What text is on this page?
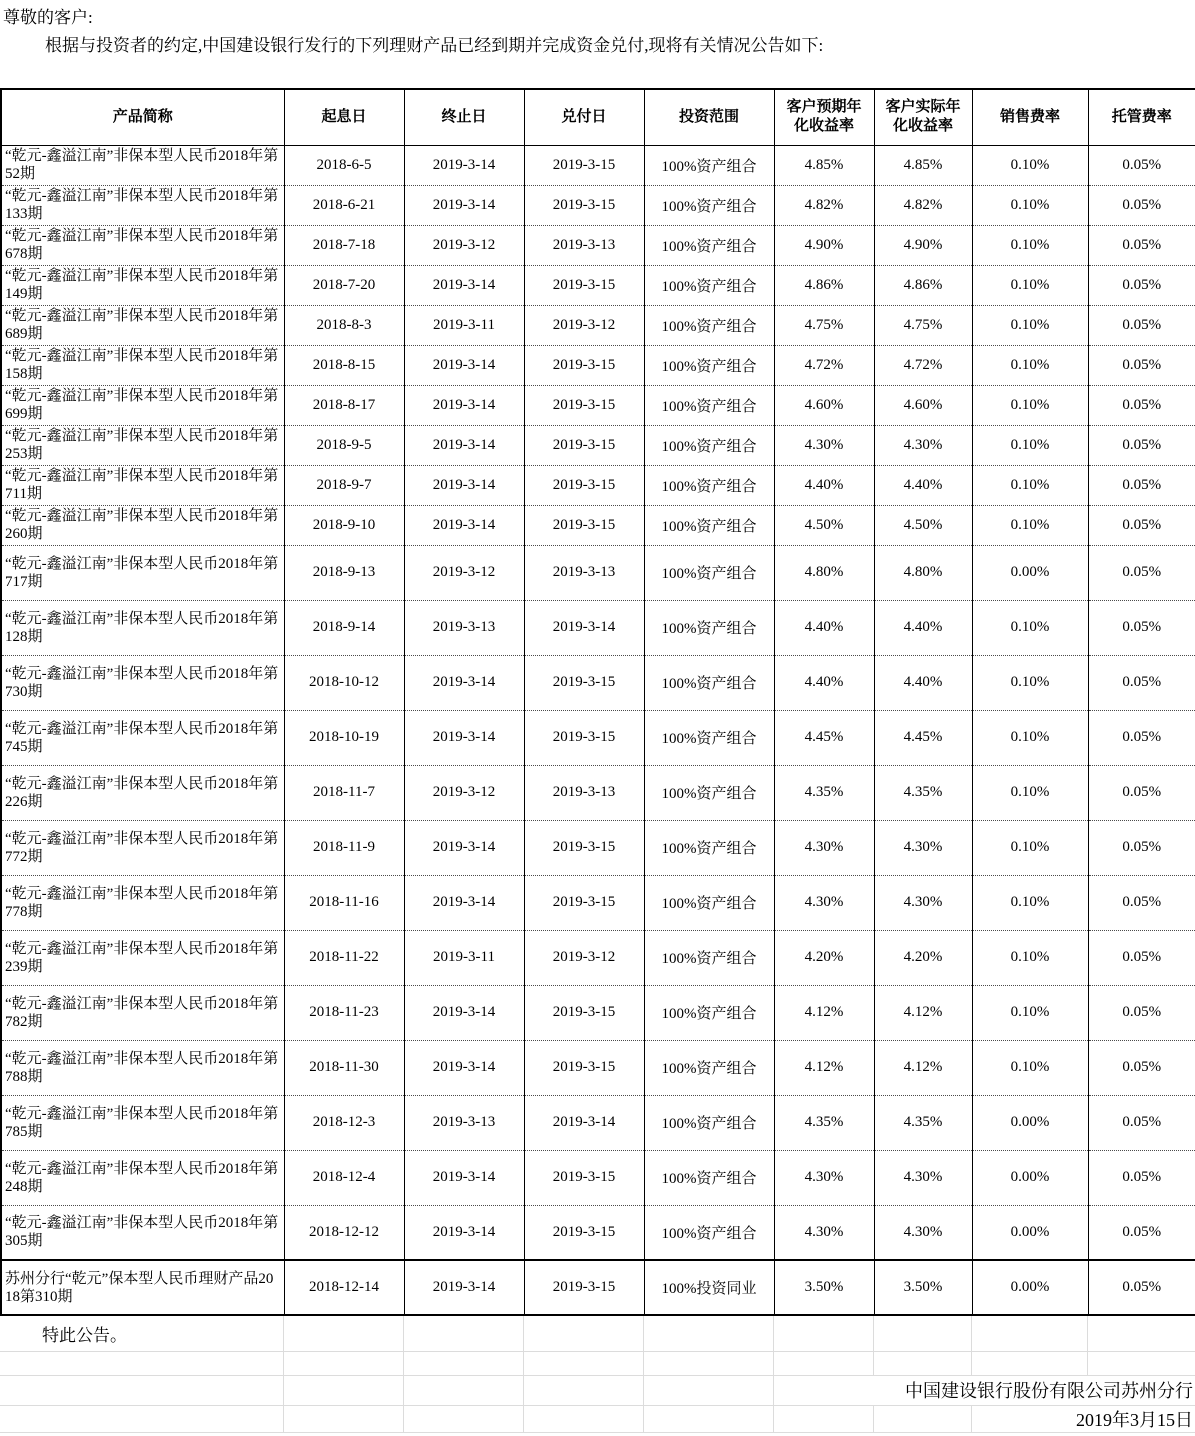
尊敬的客户:
根据与投资者的约定,中国建设银行发行的下列理财产品已经到期并完成资金兑付,现将有关情况公告如下:
产品简称	起息日	终止日	兑付日	投资范围	客户预期年化收益率	客户实际年化收益率	销售费率	托管费率
“乾元-鑫溢江南”非保本型人民币2018年第52期	2018-6-5	2019-3-14	2019-3-15	100%资产组合	4.85%	4.85%	0.10%	0.05%
“乾元-鑫溢江南”非保本型人民币2018年第133期	2018-6-21	2019-3-14	2019-3-15	100%资产组合	4.82%	4.82%	0.10%	0.05%
“乾元-鑫溢江南”非保本型人民币2018年第678期	2018-7-18	2019-3-12	2019-3-13	100%资产组合	4.90%	4.90%	0.10%	0.05%
“乾元-鑫溢江南”非保本型人民币2018年第149期	2018-7-20	2019-3-14	2019-3-15	100%资产组合	4.86%	4.86%	0.10%	0.05%
“乾元-鑫溢江南”非保本型人民币2018年第689期	2018-8-3	2019-3-11	2019-3-12	100%资产组合	4.75%	4.75%	0.10%	0.05%
“乾元-鑫溢江南”非保本型人民币2018年第158期	2018-8-15	2019-3-14	2019-3-15	100%资产组合	4.72%	4.72%	0.10%	0.05%
“乾元-鑫溢江南”非保本型人民币2018年第699期	2018-8-17	2019-3-14	2019-3-15	100%资产组合	4.60%	4.60%	0.10%	0.05%
“乾元-鑫溢江南”非保本型人民币2018年第253期	2018-9-5	2019-3-14	2019-3-15	100%资产组合	4.30%	4.30%	0.10%	0.05%
“乾元-鑫溢江南”非保本型人民币2018年第711期	2018-9-7	2019-3-14	2019-3-15	100%资产组合	4.40%	4.40%	0.10%	0.05%
“乾元-鑫溢江南”非保本型人民币2018年第260期	2018-9-10	2019-3-14	2019-3-15	100%资产组合	4.50%	4.50%	0.10%	0.05%
“乾元-鑫溢江南”非保本型人民币2018年第717期	2018-9-13	2019-3-12	2019-3-13	100%资产组合	4.80%	4.80%	0.00%	0.05%
“乾元-鑫溢江南”非保本型人民币2018年第128期	2018-9-14	2019-3-13	2019-3-14	100%资产组合	4.40%	4.40%	0.10%	0.05%
“乾元-鑫溢江南”非保本型人民币2018年第730期	2018-10-12	2019-3-14	2019-3-15	100%资产组合	4.40%	4.40%	0.10%	0.05%
“乾元-鑫溢江南”非保本型人民币2018年第745期	2018-10-19	2019-3-14	2019-3-15	100%资产组合	4.45%	4.45%	0.10%	0.05%
“乾元-鑫溢江南”非保本型人民币2018年第226期	2018-11-7	2019-3-12	2019-3-13	100%资产组合	4.35%	4.35%	0.10%	0.05%
“乾元-鑫溢江南”非保本型人民币2018年第772期	2018-11-9	2019-3-14	2019-3-15	100%资产组合	4.30%	4.30%	0.10%	0.05%
“乾元-鑫溢江南”非保本型人民币2018年第778期	2018-11-16	2019-3-14	2019-3-15	100%资产组合	4.30%	4.30%	0.10%	0.05%
“乾元-鑫溢江南”非保本型人民币2018年第239期	2018-11-22	2019-3-11	2019-3-12	100%资产组合	4.20%	4.20%	0.10%	0.05%
“乾元-鑫溢江南”非保本型人民币2018年第782期	2018-11-23	2019-3-14	2019-3-15	100%资产组合	4.12%	4.12%	0.10%	0.05%
“乾元-鑫溢江南”非保本型人民币2018年第788期	2018-11-30	2019-3-14	2019-3-15	100%资产组合	4.12%	4.12%	0.10%	0.05%
“乾元-鑫溢江南”非保本型人民币2018年第785期	2018-12-3	2019-3-13	2019-3-14	100%资产组合	4.35%	4.35%	0.00%	0.05%
“乾元-鑫溢江南”非保本型人民币2018年第248期	2018-12-4	2019-3-14	2019-3-15	100%资产组合	4.30%	4.30%	0.00%	0.05%
“乾元-鑫溢江南”非保本型人民币2018年第305期	2018-12-12	2019-3-14	2019-3-15	100%资产组合	4.30%	4.30%	0.00%	0.05%
苏州分行“乾元”保本型人民币理财产品2018第310期	2018-12-14	2019-3-14	2019-3-15	100%投资同业	3.50%	3.50%	0.00%	0.05%
特此公告。								

					中国建设银行股份有限公司苏州分行			
							2019年3月15日	
